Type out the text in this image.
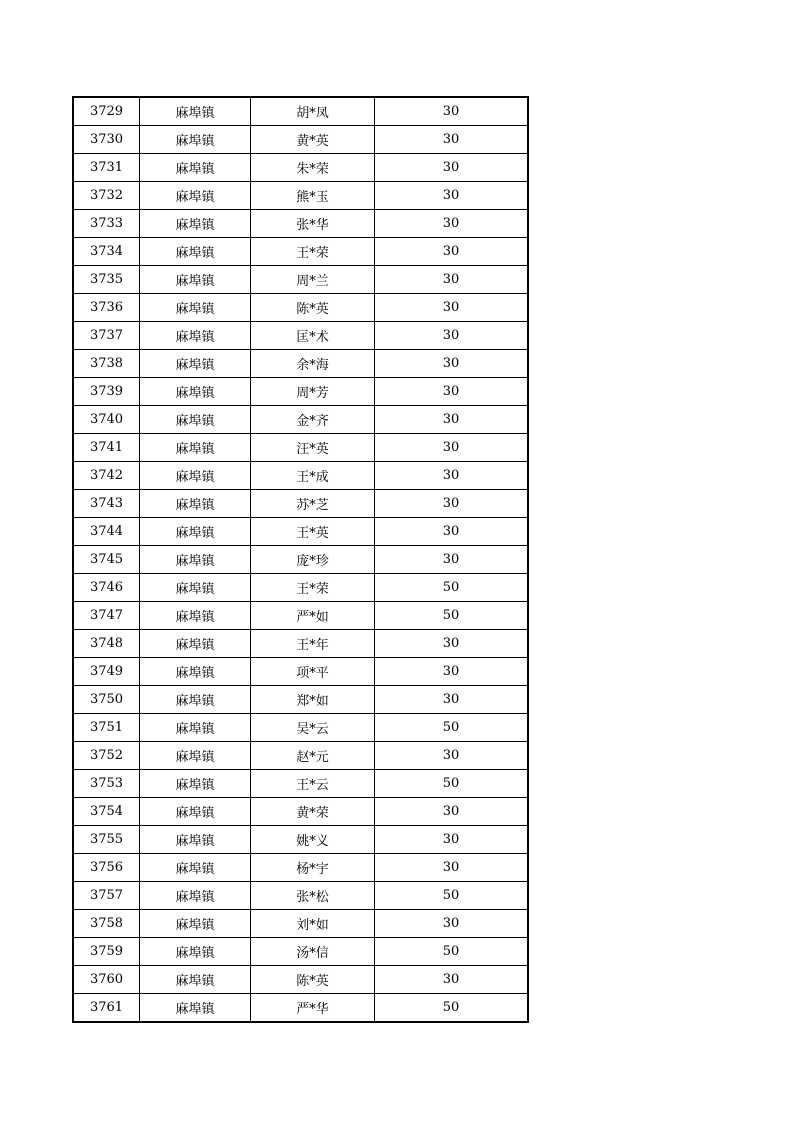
3729	麻埠镇	胡*凤	30
3730	麻埠镇	黄*英	30
3731	麻埠镇	朱*荣	30
3732	麻埠镇	熊*玉	30
3733	麻埠镇	张*华	30
3734	麻埠镇	王*荣	30
3735	麻埠镇	周*兰	30
3736	麻埠镇	陈*英	30
3737	麻埠镇	匡*术	30
3738	麻埠镇	余*海	30
3739	麻埠镇	周*芳	30
3740	麻埠镇	金*齐	30
3741	麻埠镇	汪*英	30
3742	麻埠镇	王*成	30
3743	麻埠镇	苏*芝	30
3744	麻埠镇	王*英	30
3745	麻埠镇	庞*珍	30
3746	麻埠镇	王*荣	50
3747	麻埠镇	严*如	50
3748	麻埠镇	王*年	30
3749	麻埠镇	项*平	30
3750	麻埠镇	郑*如	30
3751	麻埠镇	吴*云	50
3752	麻埠镇	赵*元	30
3753	麻埠镇	王*云	50
3754	麻埠镇	黄*荣	30
3755	麻埠镇	姚*义	30
3756	麻埠镇	杨*宇	30
3757	麻埠镇	张*松	50
3758	麻埠镇	刘*如	30
3759	麻埠镇	汤*信	50
3760	麻埠镇	陈*英	30
3761	麻埠镇	严*华	50
